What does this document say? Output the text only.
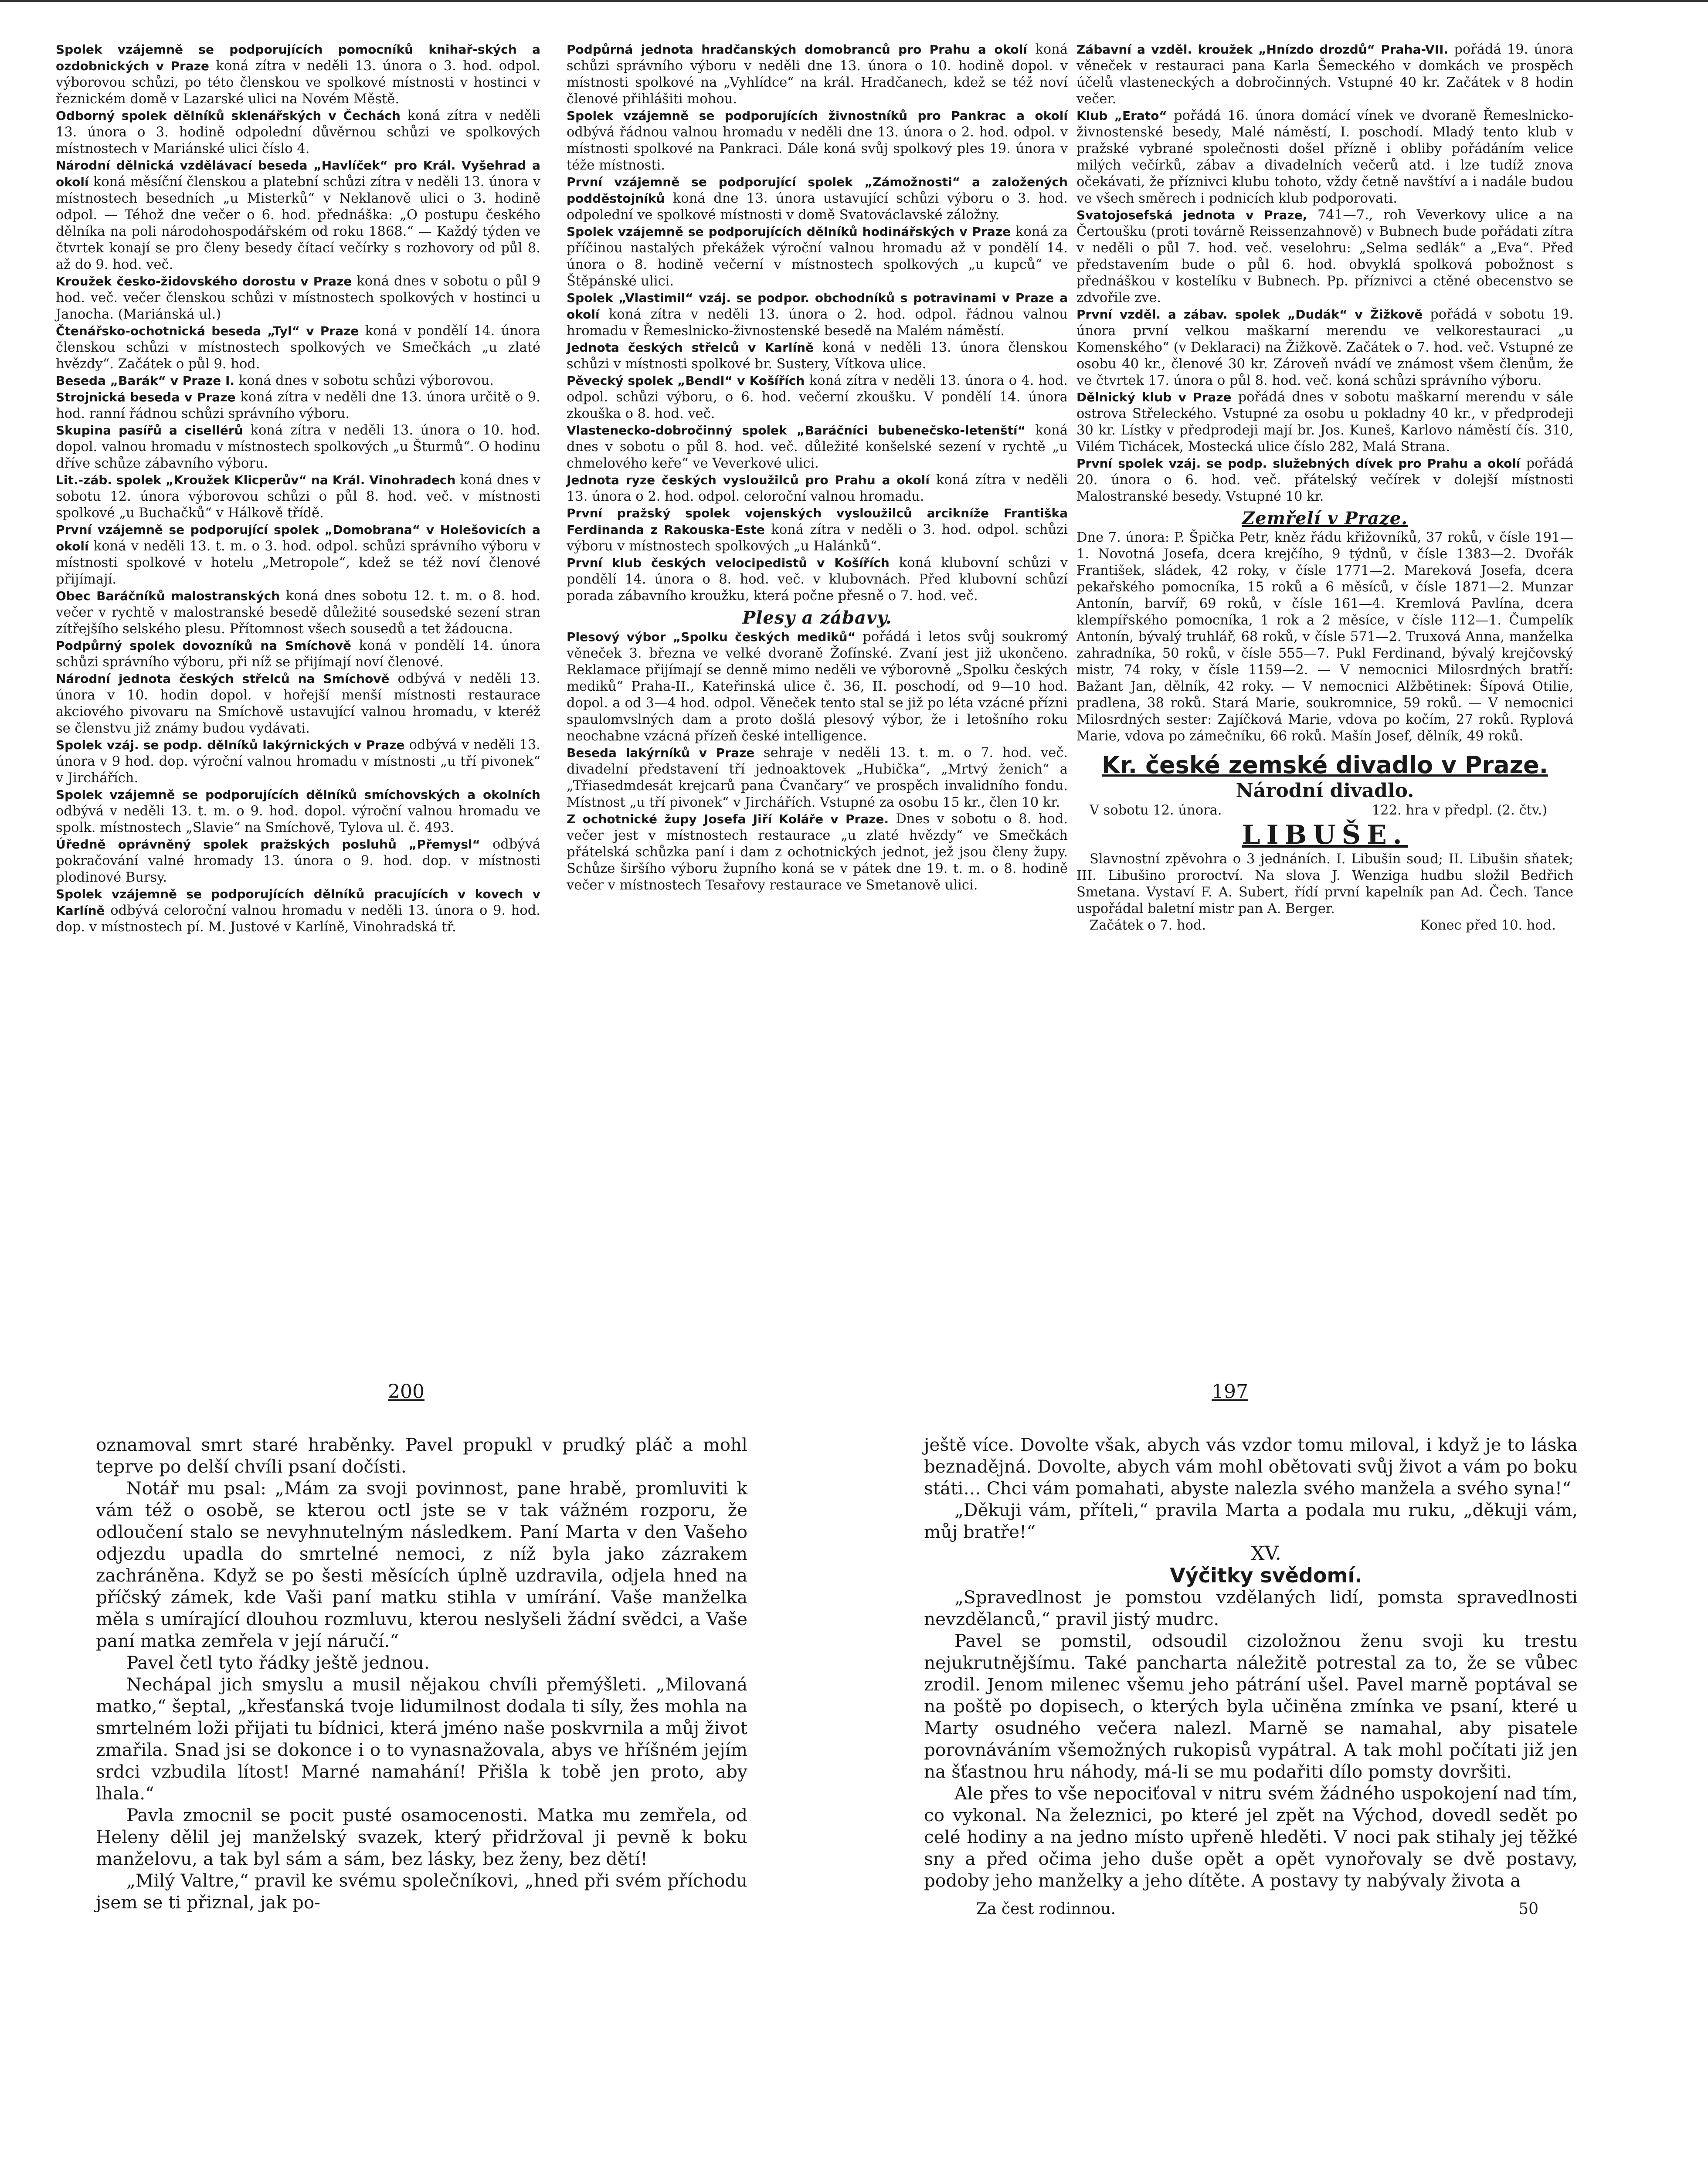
Spolek vzájemně se podporujících pomocníků knihař-ských a ozdobnických v Praze koná zítra v neděli 13. února o 3. hod. odpol. výborovou schůzi, po této členskou ve spolkové místnosti v hostinci v řeznickém domě v Lazarské ulici na Novém Městě.

Odborný spolek dělníků sklenářských v Čechách koná zítra v neděli 13. února o 3. hodině odpolední důvěrnou schůzi ve spolkových místnostech v Mariánské ulici číslo 4.

Národní dělnická vzdělávací beseda „Havlíček“ pro Král. Vyšehrad a okolí koná měsíční členskou a platební schůzi zítra v neděli 13. února v místnostech besedních „u Misterků“ v Neklanově ulici o 3. hodině odpol. — Téhož dne večer o 6. hod. přednáška: „O postupu českého dělníka na poli národohospodářském od roku 1868.“ — Každý týden ve čtvrtek konají se pro členy besedy čítací večírky s rozhovory od půl 8. až do 9. hod. več.

Kroužek česko-židovského dorostu v Praze koná dnes v sobotu o půl 9 hod. več. večer členskou schůzi v místnostech spolkových v hostinci u Janocha. (Mariánská ul.)

Čtenářsko-ochotnická beseda „Tyl“ v Praze koná v pondělí 14. února členskou schůzi v místnostech spolkových ve Smečkách „u zlaté hvězdy“. Začátek o půl 9. hod.

Beseda „Barák“ v Praze I. koná dnes v sobotu schůzi výborovou.

Strojnická beseda v Praze koná zítra v neděli dne 13. února určitě o 9. hod. ranní řádnou schůzi správního výboru.

Skupina pasířů a cisellérů koná zítra v neděli 13. února o 10. hod. dopol. valnou hromadu v místnostech spolkových „u Šturmů“. O hodinu dříve schůze zábavního výboru.

Lit.-záb. spolek „Kroužek Klicperův“ na Král. Vinohradech koná dnes v sobotu 12. února výborovou schůzi o půl 8. hod. več. v místnosti spolkové „u Buchačků“ v Hálkově třídě.

První vzájemně se podporující spolek „Domobrana“ v Holešovicích a okolí koná v neděli 13. t. m. o 3. hod. odpol. schůzi správního výboru v místnosti spolkové v hotelu „Metropole“, kdež se též noví členové přijímají.

Obec Baráčníků malostranských koná dnes sobotu 12. t. m. o 8. hod. večer v rychtě v malostranské besedě důležité sousedské sezení stran zítřejšího selského plesu. Přítomnost všech sousedů a tet žádoucna.

Podpůrný spolek dovozníků na Smíchově koná v pondělí 14. února schůzi správního výboru, při níž se přijímají noví členové.

Národní jednota českých střelců na Smíchově odbývá v neděli 13. února v 10. hodin dopol. v hořejší menší místnosti restaurace akciového pivovaru na Smíchově ustavující valnou hromadu, v kteréž se členstvu již známy budou vydávati.

Spolek vzáj. se podp. dělníků lakýrnických v Praze odbývá v neděli 13. února v 9 hod. dop. výroční valnou hromadu v místnosti „u tří pivonek“ v Jirchářích.

Spolek vzájemně se podporujících dělníků smíchovských a okolních odbývá v neděli 13. t. m. o 9. hod. dopol. výroční valnou hromadu ve spolk. místnostech „Slavie“ na Smíchově, Tylova ul. č. 493.

Úředně oprávněný spolek pražských posluhů „Přemysl“ odbývá pokračování valné hromady 13. února o 9. hod. dop. v místnosti plodinové Bursy.

Spolek vzájemně se podporujících dělníků pracujících v kovech v Karlíně odbývá celoroční valnou hromadu v neděli 13. února o 9. hod. dop. v místnostech pí. M. Justové v Karlíně, Vinohradská tř.

Podpůrná jednota hradčanských domobranců pro Prahu a okolí koná schůzi správního výboru v neděli dne 13. února o 10. hodině dopol. v místnosti spolkové na „Vyhlídce“ na král. Hradčanech, kdež se též noví členové přihlášiti mohou.

Spolek vzájemně se podporujících živnostníků pro Pankrac a okolí odbývá řádnou valnou hromadu v neděli dne 13. února o 2. hod. odpol. v místnosti spolkové na Pankraci. Dále koná svůj spolkový ples 19. února v téže místnosti.

První vzájemně se podporující spolek „Zámožnosti“ a založených podděstojníků koná dne 13. února ustavující schůzi výboru o 3. hod. odpolední ve spolkové místnosti v domě Svatováclavské záložny.

Spolek vzájemně se podporujících dělníků hodinářských v Praze koná za příčinou nastalých překážek výroční valnou hromadu až v pondělí 14. února o 8. hodině večerní v místnostech spolkových „u kupců“ ve Štěpánské ulici.

Spolek „Vlastimil“ vzáj. se podpor. obchodníků s potravinami v Praze a okolí koná zítra v neděli 13. února o 2. hod. odpol. řádnou valnou hromadu v Řemeslnicko-živnostenské besedě na Malém náměstí.

Jednota českých střelců v Karlíně koná v neděli 13. února členskou schůzi v místnosti spolkové br. Sustery, Vítkova ulice.

Pěvecký spolek „Bendl“ v Košířích koná zítra v neděli 13. února o 4. hod. odpol. schůzi výboru, o 6. hod. večerní zkoušku. V pondělí 14. února zkouška o 8. hod. več.

Vlastenecko-dobročinný spolek „Baráčníci bubenečsko-letenští“ koná dnes v sobotu o půl 8. hod. več. důležité konšelské sezení v rychtě „u chmelového keře“ ve Veverkové ulici.

Jednota ryze českých vysloužilců pro Prahu a okolí koná zítra v neděli 13. února o 2. hod. odpol. celoroční valnou hromadu.

První pražský spolek vojenských vysloužilců arcikníže Františka Ferdinanda z Rakouska-Este koná zítra v neděli o 3. hod. odpol. schůzi výboru v místnostech spolkových „u Halánků“.

První klub českých velocipedistů v Košířích koná klubovní schůzi v pondělí 14. února o 8. hod. več. v klubovnách. Před klubovní schůzí porada zábavního kroužku, která počne přesně o 7. hod. več.

Plesy a zábavy.

Plesový výbor „Spolku českých mediků“ pořádá i letos svůj soukromý věneček 3. března ve velké dvoraně Žofínské. Zvaní jest již ukončeno. Reklamace přijímají se denně mimo neděli ve výborovně „Spolku českých mediků“ Praha-II., Kateřinská ulice č. 36, II. poschodí, od 9—10 hod. dopol. a od 3—4 hod. odpol. Věneček tento stal se již po léta vzácné přízni spaulomvslných dam a proto došlá plesový výbor, že i letošního roku neochabne vzácná přízeň české intelligence.

Beseda lakýrníků v Praze sehraje v neděli 13. t. m. o 7. hod. več. divadelní představení tří jednoaktovek „Hubička“, „Mrtvý ženich“ a „Třiasedmdesát krejcarů pana Čvančary“ ve prospěch invalidního fondu. Místnost „u tří pivonek“ v Jirchářích. Vstupné za osobu 15 kr., člen 10 kr.

Z ochotnické župy Josefa Jiří Koláře v Praze. Dnes v sobotu o 8. hod. večer jest v místnostech restaurace „u zlaté hvězdy“ ve Smečkách přátelská schůzka paní i dam z ochotnických jednot, jež jsou členy župy. Schůze širšího výboru župního koná se v pátek dne 19. t. m. o 8. hodině večer v místnostech Tesařovy restaurace ve Smetanově ulici.

Zábavní a vzděl. kroužek „Hnízdo drozdů“ Praha-VII. pořádá 19. února věneček v restauraci pana Karla Šemeckého v domkách ve prospěch účelů vlasteneckých a dobročinných. Vstupné 40 kr. Začátek v 8 hodin večer.

Klub „Erato“ pořádá 16. února domácí vínek ve dvoraně Řemeslnicko-živnostenské besedy, Malé náměstí, I. poschodí. Mladý tento klub v pražské vybrané společnosti došel přízně i obliby pořádáním velice milých večírků, zábav a divadelních večerů atd. i lze tudíž znova očekávati, že příznivci klubu tohoto, vždy četně navštíví a i nadále budou ve všech směrech i podnicích klub podporovati.

Svatojosefská jednota v Praze, 741—7., roh Veverkovy ulice a na Čertoušku (proti továrně Reissenzahnově) v Bubnech bude pořádati zítra v neděli o půl 7. hod. več. veselohru: „Selma sedlák“ a „Eva“. Před představením bude o půl 6. hod. obvyklá spolková pobožnost s přednáškou v kostelíku v Bubnech. Pp. příznivci a ctěné obecenstvo se zdvořile zve.

První vzděl. a zábav. spolek „Dudák“ v Žižkově pořádá v sobotu 19. února první velkou maškarní merendu ve velkorestauraci „u Komenského“ (v Deklaraci) na Žižkově. Začátek o 7. hod. več. Vstupné ze osobu 40 kr., členové 30 kr. Zároveň nvádí ve známost všem členům, že ve čtvrtek 17. února o půl 8. hod. več. koná schůzi správního výboru.

Dělnický klub v Praze pořádá dnes v sobotu maškarní merendu v sále ostrova Střeleckého. Vstupné za osobu u pokladny 40 kr., v předprodeji 30 kr. Lístky v předprodeji mají br. Jos. Kuneš, Karlovo náměstí čís. 310, Vilém Tichácek, Mostecká ulice číslo 282, Malá Strana.

První spolek vzáj. se podp. služebných dívek pro Prahu a okolí pořádá 20. února o 6. hod. več. přátelský večírek v dolejší místnosti Malostranské besedy. Vstupné 10 kr.

Zemřelí v Praze.

Dne 7. února: P. Špička Petr, kněz řádu křižovníků, 37 roků, v čísle 191—1. Novotná Josefa, dcera krejčího, 9 týdnů, v čísle 1383—2. Dvořák František, sládek, 42 roky, v čísle 1771—2. Mareková Josefa, dcera pekařského pomocníka, 15 roků a 6 měsíců, v čísle 1871—2. Munzar Antonín, barvíř, 69 roků, v čísle 161—4. Kremlová Pavlína, dcera klempířského pomocníka, 1 rok a 2 měsíce, v čísle 112—1. Čumpelík Antonín, bývalý truhlář, 68 roků, v čísle 571—2. Truxová Anna, manželka zahradníka, 50 roků, v čísle 555—7. Pukl Ferdinand, bývalý krejčovský mistr, 74 roky, v čísle 1159—2. — V nemocnici Milosrdných bratří: Bažant Jan, dělník, 42 roky. — V nemocnici Alžbětinek: Šípová Otilie, pradlena, 38 roků. Stará Marie, soukromnice, 59 roků. — V nemocnici Milosrdných sester: Zajíčková Marie, vdova po kočím, 27 roků. Ryplová Marie, vdova po zámečníku, 66 roků. Mašín Josef, dělník, 49 roků.

Kr. české zemské divadlo v Praze.
Národní divadlo.
V sobotu 12. února.	122. hra v předpl. (2. čtv.)
LIBUŠE.
Slavnostní zpěvohra o 3 jednáních. I. Libušin soud; II. Libušin sňatek; III. Libušino proroctví. Na slova J. Wenziga hudbu složil Bedřich Smetana. Vystaví F. A. Subert, řídí první kapelník pan Ad. Čech. Tance uspořádal baletní mistr pan A. Berger.
Začátek o 7. hod.	Konec před 10. hod.
200	197

oznamoval smrt staré hraběnky. Pavel propukl v prudký pláč a mohl teprve po delší chvíli psaní dočísti.

Notář mu psal: „Mám za svoji povinnost, pane hrabě, promluviti k vám též o osobě, se kterou octl jste se v tak vážném rozporu, že odloučení stalo se nevyhnutelným následkem. Paní Marta v den Vašeho odjezdu upadla do smrtelné nemoci, z níž byla jako zázrakem zachráněna. Když se po šesti měsících úplně uzdravila, odjela hned na příčský zámek, kde Vaši paní matku stihla v umírání. Vaše manželka měla s umírající dlouhou rozmluvu, kterou neslyšeli žádní svědci, a Vaše paní matka zemřela v její náručí.“

Pavel četl tyto řádky ještě jednou.

Nechápal jich smyslu a musil nějakou chvíli přemýšleti. „Milovaná matko,“ šeptal, „křesťanská tvoje lidumilnost dodala ti síly, žes mohla na smrtelném loži přijati tu bídnici, která jméno naše poskvrnila a můj život zmařila. Snad jsi se dokonce i o to vynasnažovala, abys ve hříšném jejím srdci vzbudila lítost! Marné namahání! Přišla k tobě jen proto, aby lhala.“

Pavla zmocnil se pocit pusté osamocenosti. Matka mu zemřela, od Heleny dělil jej manželský svazek, který přidržoval ji pevně k boku manželovu, a tak byl sám a sám, bez lásky, bez ženy, bez dětí!

„Milý Valtre,“ pravil ke svému společníkovi, „hned při svém příchodu jsem se ti přiznal, jak po-

ještě více. Dovolte však, abych vás vzdor tomu miloval, i když je to láska beznadějná. Dovolte, abych vám mohl obětovati svůj život a vám po boku státi… Chci vám pomahati, abyste nalezla svého manžela a svého syna!“

„Děkuji vám, příteli,“ pravila Marta a podala mu ruku, „děkuji vám, můj bratře!“

XV.

Výčitky svědomí.

„Spravedlnost je pomstou vzdělaných lidí, pomsta spravedlnosti nevzdělanců,“ pravil jistý mudrc.

Pavel se pomstil, odsoudil cizoložnou ženu svoji ku trestu nejukrutnějšímu. Také pancharta náležitě potrestal za to, že se vůbec zrodil. Jenom milenec všemu jeho pátrání ušel. Pavel marně poptával se na poště po dopisech, o kterých byla učiněna zmínka ve psaní, které u Marty osudného večera nalezl. Marně se namahal, aby pisatele porovnáváním všemožných rukopisů vypátral. A tak mohl počítati již jen na šťastnou hru náhody, má-li se mu podařiti dílo pomsty dovršiti.

Ale přes to vše nepociťoval v nitru svém žádného uspokojení nad tím, co vykonal. Na železnici, po které jel zpět na Východ, dovedl sedět po celé hodiny a na jedno místo upřeně hleděti. V noci pak stihaly jej těžké sny a před očima jeho duše opět a opět vynořovaly se dvě postavy, podoby jeho manželky a jeho dítěte. A postavy ty nabývaly života a

Za čest rodinnou.	50
